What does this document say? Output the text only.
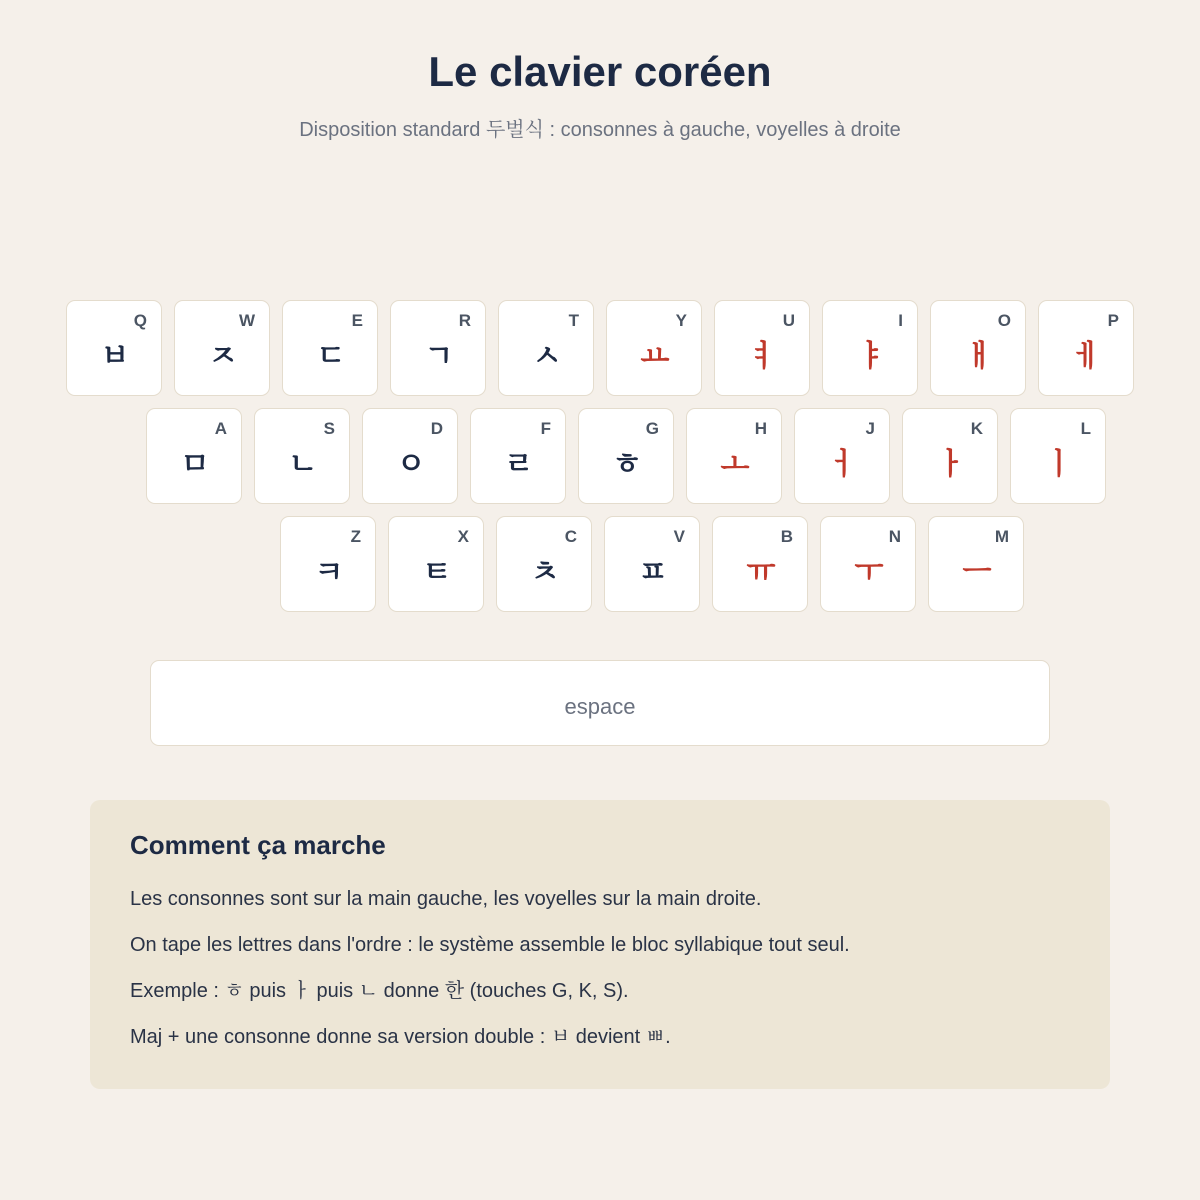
Le clavier coréen
Disposition standard 두벌식 : consonnes à gauche, voyelles à droite
Q
ㅂ
W
ㅈ
E
ㄷ
R
ㄱ
T
ㅅ
Y
ㅛ
U
ㅕ
I
ㅑ
O
ㅐ
P
ㅔ
A
ㅁ
S
ㄴ
D
ㅇ
F
ㄹ
G
ㅎ
H
ㅗ
J
ㅓ
K
ㅏ
L
ㅣ
Z
ㅋ
X
ㅌ
C
ㅊ
V
ㅍ
B
ㅠ
N
ㅜ
M
ㅡ
espace
Comment ça marche

Les consonnes sont sur la main gauche, les voyelles sur la main droite.

On tape les lettres dans l'ordre : le système assemble le bloc syllabique tout seul.

Exemple : ㅎ puis ㅏ puis ㄴ donne 한 (touches G, K, S).

Maj + une consonne donne sa version double : ㅂ devient ㅃ.
